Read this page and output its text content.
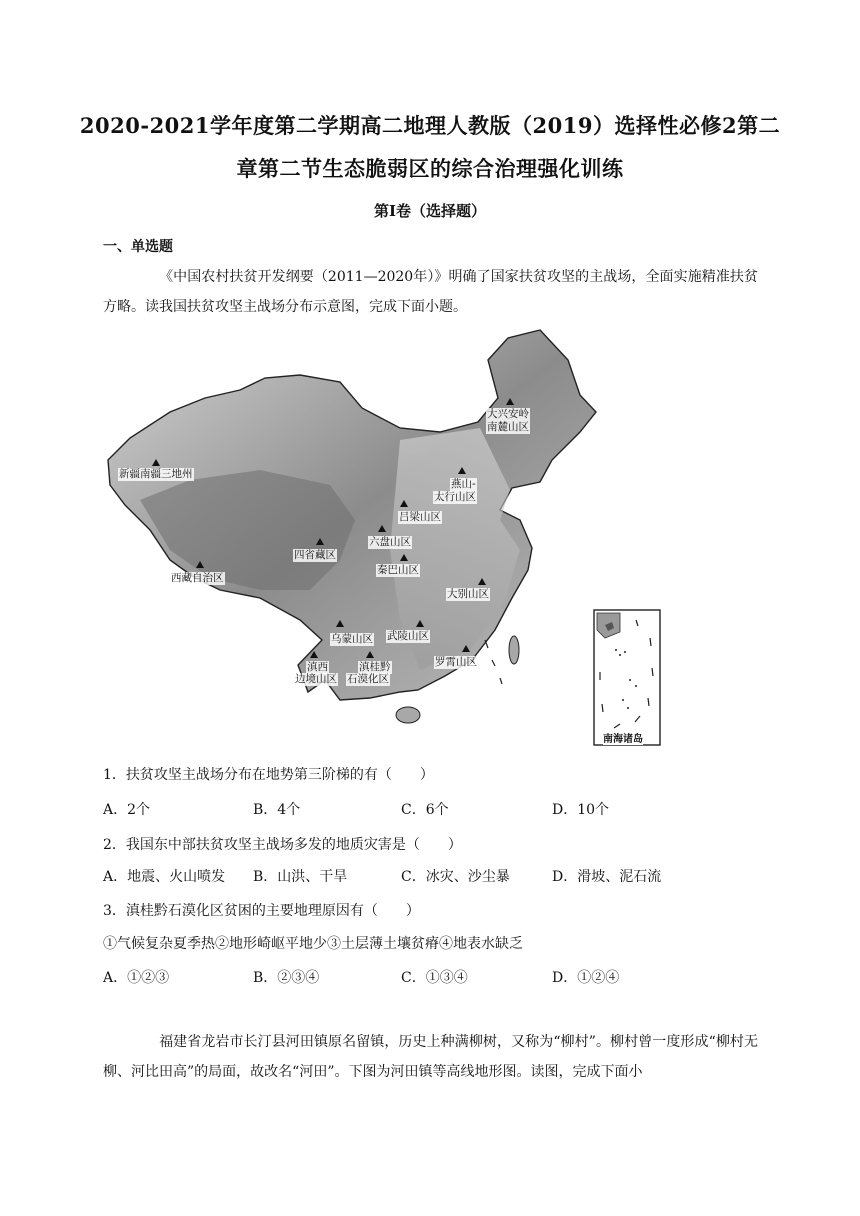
2020-2021学年度第二学期高二地理人教版（2019）选择性必修2第二
章第二节生态脆弱区的综合治理强化训练
第I卷（选择题）
一、单选题
《中国农村扶贫开发纲要（2011—2020年）》明确了国家扶贫攻坚的主战场，全面实施精准扶贫方略。读我国扶贫攻坚主战场分布示意图，完成下面小题。
大兴安岭
南麓山区
新疆南疆三地州
燕山-
太行山区
吕梁山区
六盘山区
四省藏区
秦巴山区
西藏自治区
大别山区
乌蒙山区 武陵山区
滇西
边境山区
滇桂黔
石漠化区
罗霄山区
南海诸岛
1．扶贫攻坚主战场分布在地势第三阶梯的有（　　）
A．2个	B．4个	C．6个	D．10个
2．我国东中部扶贫攻坚主战场多发的地质灾害是（　　）
A．地震、火山喷发 B．山洪、干旱	C．冰灾、沙尘暴	D．滑坡、泥石流
3．滇桂黔石漠化区贫困的主要地理原因有（　　）
①气候复杂夏季热②地形崎岖平地少③土层薄土壤贫瘠④地表水缺乏
A．①②③	B．②③④	C．①③④	D．①②④
福建省龙岩市长汀县河田镇原名留镇，历史上种满柳树，又称为“柳村”。柳村曾一度形成“柳村无柳、河比田高”的局面，故改名“河田”。下图为河田镇等高线地形图。读图，完成下面小
